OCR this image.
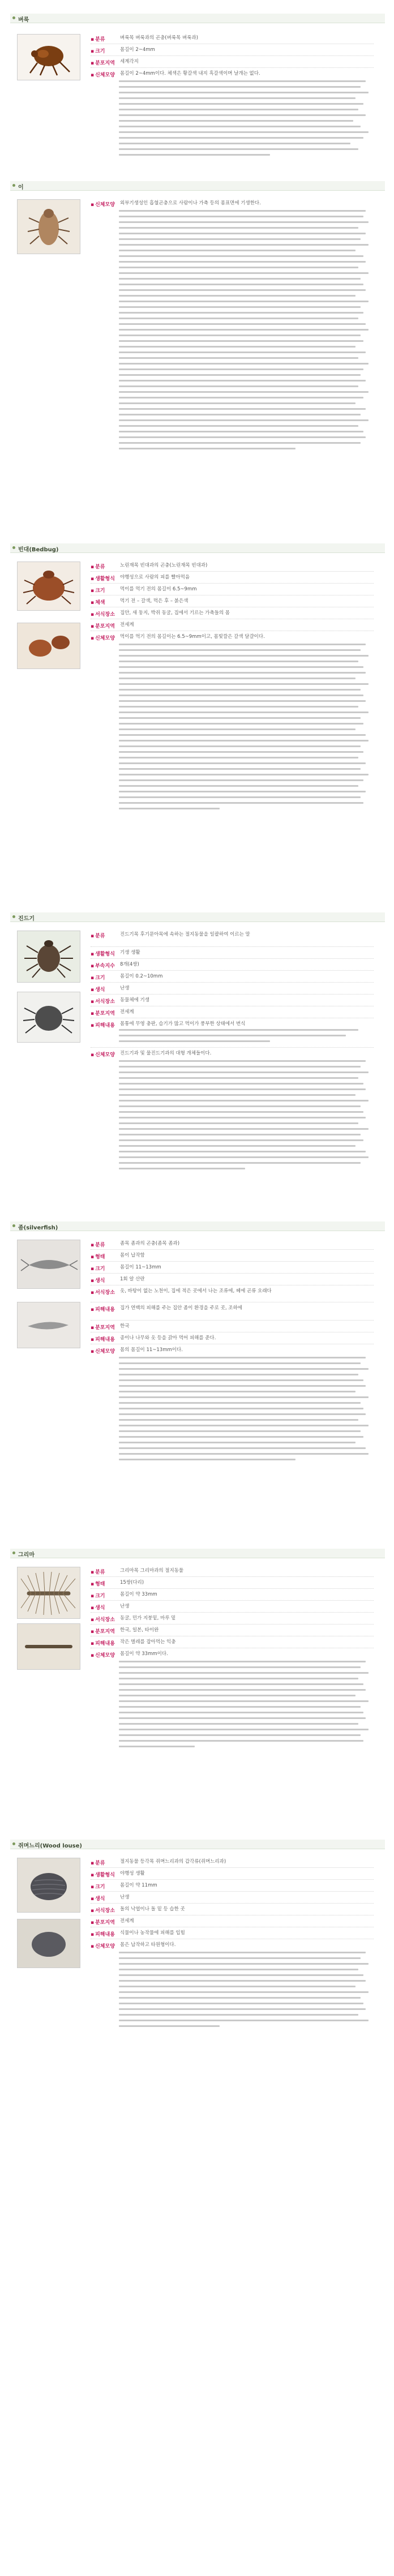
벼룩
▪ 분류	벼룩목 벼룩과의 곤충(벼룩목 벼룩과)
▪ 크기	몸길이 2~4mm
▪ 분포지역	세계각지
▪ 신체모양	몸길이 2~4mm이다. 체색은 황갈색 내지 흑갈색이며 날개는 없다.
이
▪ 신체모양	외부기생성인 흡혈곤충으로 사람이나 가축 등의 몸표면에 기생한다.
빈대(Bedbug)
▪ 분류	노린재목 빈대과의 곤충(노린재목 빈대과)
▪ 생활형식	야행성으로 사람의 피를 빨아먹음
▪ 크기	먹이를 먹기 전의 몸길이 6.5~9mm
▪ 체색	먹기 전 – 갈색, 먹은 후 – 붉은색
▪ 서식장소	집안, 새 둥지, 박쥐 동굴, 집에서 기르는 가축들의 몸
▪ 분포지역	전세계
▪ 신체모양	먹이를 먹기 전의 몸길이는 6.5~9mm이고, 몸빛깔은 갈색 달걀이다.
진드기
▪ 분류	진드기목 후기문아목에 속하는 절지동물을 일괄하여 이르는 말
▪ 생활형식	기생 생활
▪ 부속지수	8개(4쌍)
▪ 크기	몸길이 0.2~10mm
▪ 생식	난생
▪ 서식장소	동물체에 기생
▪ 분포지역	전세계
▪ 피해내용	몸통에 무영 충판, 습기가 많고 먹이가 풍부한 상태에서 번식
▪ 신체모양	진드기과 및 물진드기과의 대형 개체들이다.
좀(silverfish)
▪ 분류	좀목 좀과의 곤충(좀목 좀과)
▪ 형태	몸이 납작함
▪ 크기	몸길이 11~13mm
▪ 생식	1회 알 산란
▪ 서식장소	옷, 바탕이 없는 노천이, 집에 적은 곳에서 나는 조류에, 헤에 곤류 오래다
▪ 피해내용	집가 연백의 피해를 주는 집안 좀이 환경을 주로 곳, 조하에
▪ 분포지역	한국
▪ 피해내용	종이나 나무와 옷 등을 갉아 먹어 피해를 준다.
▪ 신체모양	몸의 몸길이 11~13mm이다.
그리마
▪ 분류	그리마목 그리마과의 절지동물
▪ 형태	15쌍(다리)
▪ 크기	몸길이 약 33mm
▪ 생식	난생
▪ 서식장소	동굴, 민가 지붕밑, 마루 밑
▪ 분포지역	한국, 일본, 타이완
▪ 피해내용	작은 벌레를 잡아먹는 익충
▪ 신체모양	몸길이 약 33mm이다.
쥐며느리(Wood louse)
▪ 분류	절지동물 등각목 쥐며느리과의 갑각류(쥐며느리과)
▪ 생활형식	야행성 생활
▪ 크기	몸길이 약 11mm
▪ 생식	난생
▪ 서식장소	돌의 낙엽이나 돌 밑 등 습한 곳
▪ 분포지역	전세계
▪ 피해내용	식물이나 농작물에 피해를 입힘
▪ 신체모양	몸은 납작하고 타원형이다.
